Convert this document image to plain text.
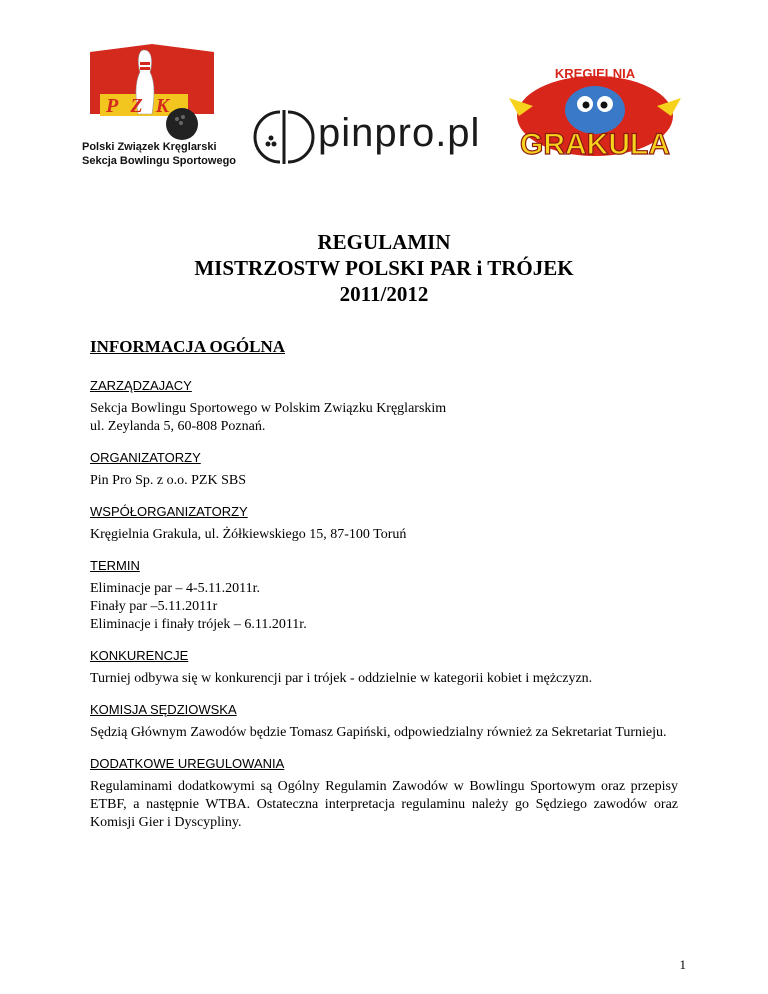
P Z K
Polski Związek Kręglarski
Sekcja Bowlingu Sportowego
pinpro.pl
KRĘGIELNIA
GRAKULA
REGULAMIN
MISTRZOSTW POLSKI PAR i TRÓJEK
2011/2012
INFORMACJA OGÓLNA
ZARZĄDZAJACY
Sekcja Bowlingu Sportowego w Polskim Związku Kręglarskim
ul. Zeylanda 5, 60-808 Poznań.
ORGANIZATORZY
Pin Pro Sp. z o.o. PZK SBS
WSPÓŁORGANIZATORZY
Kręgielnia Grakula, ul. Żółkiewskiego 15, 87-100 Toruń
TERMIN
Eliminacje par – 4-5.11.2011r.
Finały par –5.11.2011r
Eliminacje i finały trójek – 6.11.2011r.
KONKURENCJE
Turniej odbywa się w konkurencji par i trójek - oddzielnie w kategorii kobiet i mężczyzn.
KOMISJA SĘDZIOWSKA
Sędzią Głównym Zawodów będzie Tomasz Gapiński, odpowiedzialny również za Sekretariat Turnieju.
DODATKOWE UREGULOWANIA
Regulaminami dodatkowymi są Ogólny Regulamin Zawodów w Bowlingu Sportowym oraz przepisy ETBF, a następnie WTBA. Ostateczna interpretacja regulaminu należy go Sędziego zawodów oraz Komisji Gier i Dyscypliny.
1
